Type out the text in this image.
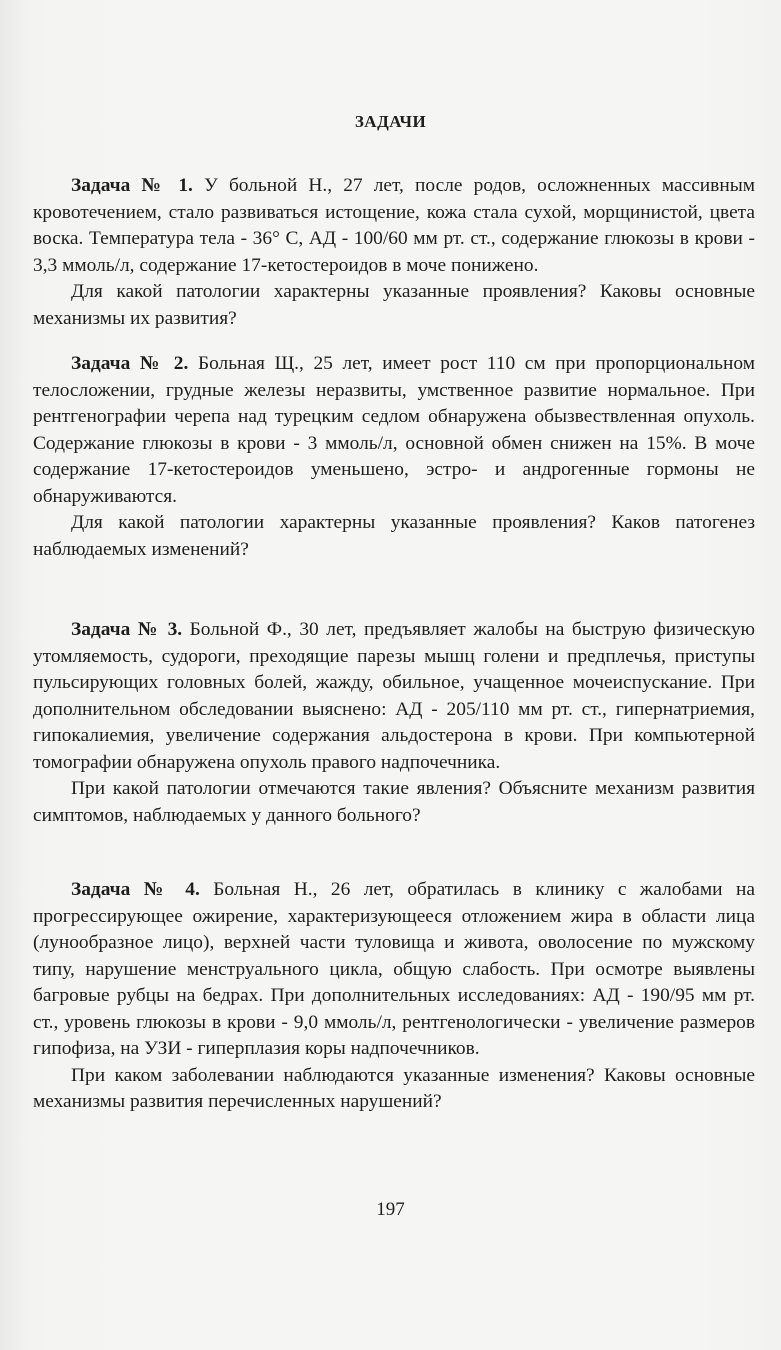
ЗАДАЧИ

Задача № 1. У больной Н., 27 лет, после родов, осложненных массивным кровотечением, стало развиваться истощение, кожа стала сухой, морщинистой, цвета воска. Температура тела - 36° С, АД - 100/60 мм рт. ст., содержание глюкозы в крови - 3,3 ммоль/л, содержание 17-кетостероидов в моче понижено.

Для какой патологии характерны указанные проявления? Каковы основные механизмы их развития?

Задача № 2. Больная Щ., 25 лет, имеет рост 110 см при пропорциональном телосложении, грудные железы неразвиты, умственное развитие нормальное. При рентгенографии черепа над турецким седлом обнаружена обызвествленная опухоль. Содержание глюкозы в крови - 3 ммоль/л, основной обмен снижен на 15%. В моче содержание 17-кетостероидов уменьшено, эстро- и андрогенные гормоны не обнаруживаются.

Для какой патологии характерны указанные проявления? Каков патогенез наблюдаемых изменений?

Задача № 3. Больной Ф., 30 лет, предъявляет жалобы на быструю физическую утомляемость, судороги, преходящие парезы мышц голени и предплечья, приступы пульсирующих головных болей, жажду, обильное, учащенное мочеиспускание. При дополнительном обследовании выяснено: АД - 205/110 мм рт. ст., гипернатриемия, гипокалиемия, увеличение содержания альдостерона в крови. При компьютерной томографии обнаружена опухоль правого надпочечника.

При какой патологии отмечаются такие явления? Объясните механизм развития симптомов, наблюдаемых у данного больного?

Задача № 4. Больная Н., 26 лет, обратилась в клинику с жалобами на прогрессирующее ожирение, характеризующееся отложением жира в области лица (лунообразное лицо), верхней части туловища и живота, оволосение по мужскому типу, нарушение менструального цикла, общую слабость. При осмотре выявлены багровые рубцы на бедрах. При дополнительных исследованиях: АД - 190/95 мм рт. ст., уровень глюкозы в крови - 9,0 ммоль/л, рентгенологически - увеличение размеров гипофиза, на УЗИ - гиперплазия коры надпочечников.

При каком заболевании наблюдаются указанные изменения? Каковы основные механизмы развития перечисленных нарушений?

197
